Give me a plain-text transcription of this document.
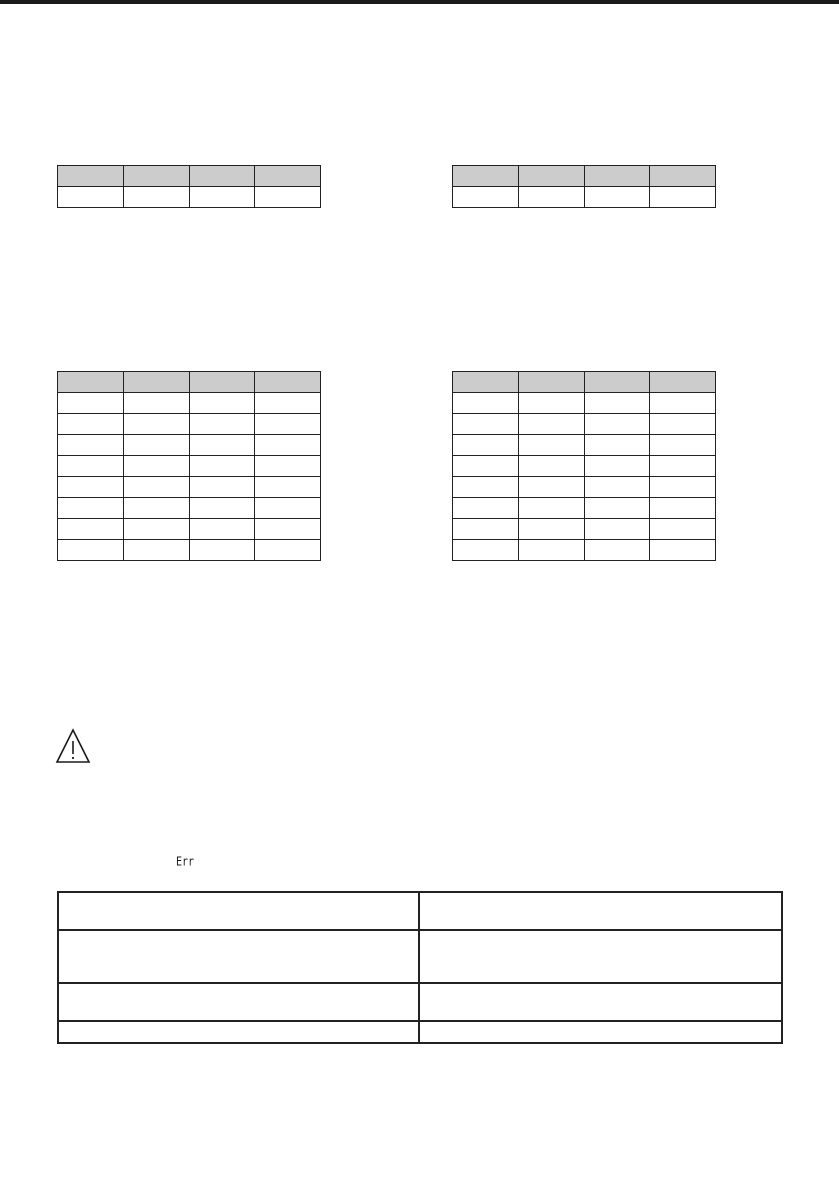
Err
